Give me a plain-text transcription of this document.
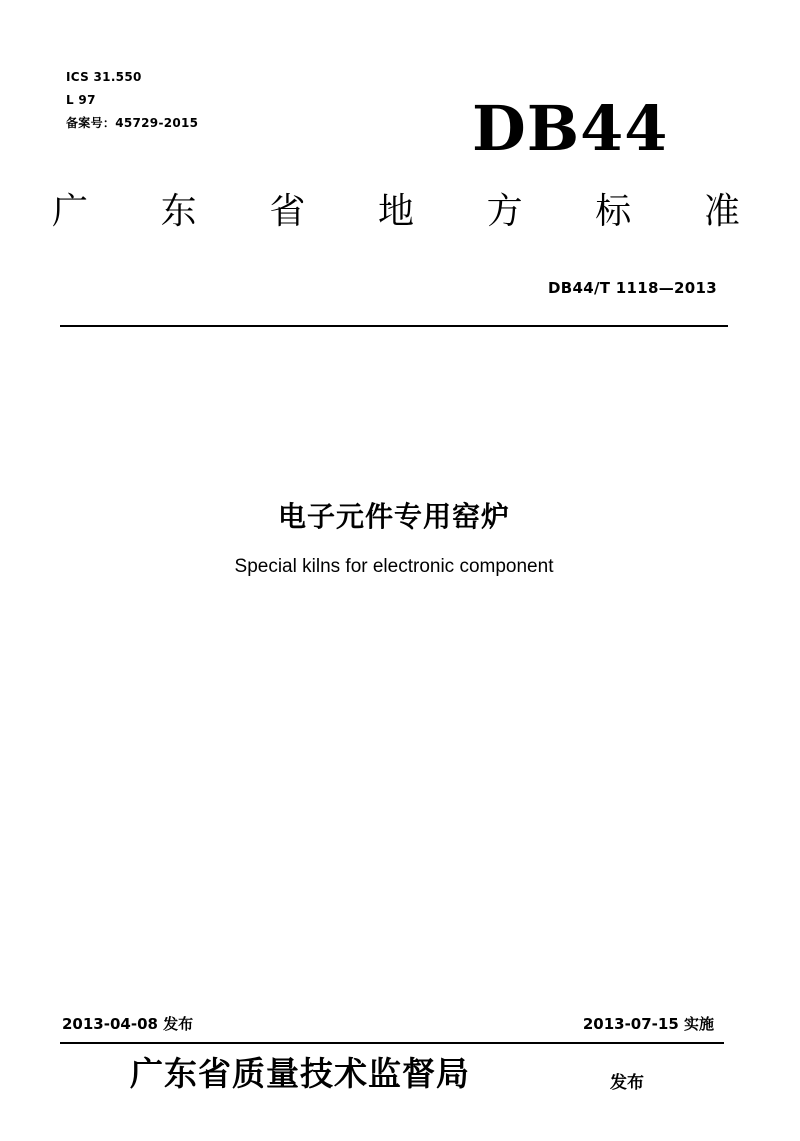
ICS 31.550
L 97
备案号：45729-2015	DB44
广 东 省 地 方 标 准
DB44/T 1118—2013
电子元件专用窑炉
Special kilns for electronic component
2013-04-08 发布	2013-07-15 实施
广东省质量技术监督局	发布
